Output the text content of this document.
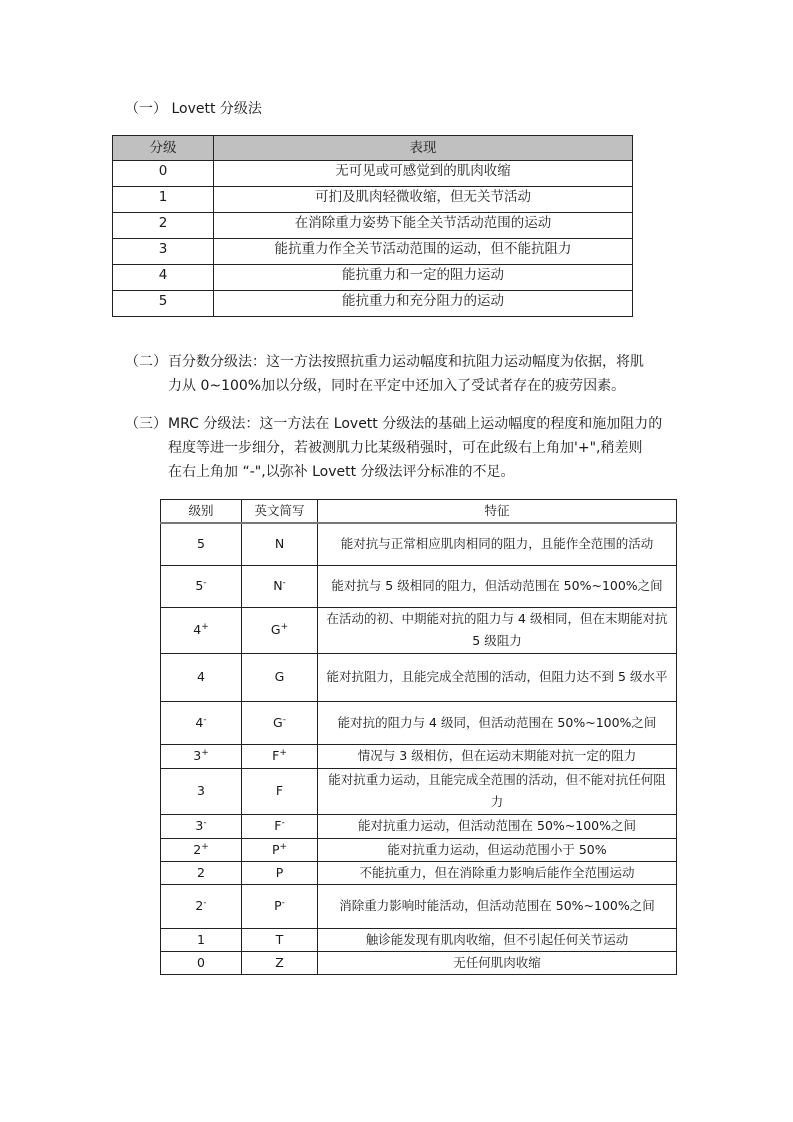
（一） Lovett 分级法
分级	表现
0	无可见或可感觉到的肌肉收缩
1	可扪及肌肉轻微收缩，但无关节活动
2	在消除重力姿势下能全关节活动范围的运动
3	能抗重力作全关节活动范围的运动，但不能抗阻力
4	能抗重力和一定的阻力运动
5	能抗重力和充分阻力的运动
（二） 百分数分级法：这一方法按照抗重力运动幅度和抗阻力运动幅度为依据，将肌
力从 0~100%加以分级，同时在平定中还加入了受试者存在的疲劳因素。
（三） MRC 分级法：这一方法在 Lovett 分级法的基础上运动幅度的程度和施加阻力的
程度等进一步细分，若被测肌力比某级稍强时，可在此级右上角加'+",稍差则
在右上角加 “-",以弥补 Lovett 分级法评分标准的不足。
级别	英文简写	特征
5	N	能对抗与正常相应肌肉相同的阻力，且能作全范围的活动
5-	N-	能对抗与 5 级相同的阻力，但活动范围在 50%~100%之间
4+	G+	在活动的初、中期能对抗的阻力与 4 级相同，但在末期能对抗 5 级阻力
4	G	能对抗阻力，且能完成全范围的活动，但阻力达不到 5 级水平
4-	G-	能对抗的阻力与 4 级同，但活动范围在 50%~100%之间
3+	F+	情况与 3 级相仿，但在运动末期能对抗一定的阻力
3	F	能对抗重力运动，且能完成全范围的活动，但不能对抗任何阻力
3-	F-	能对抗重力运动，但活动范围在 50%~100%之间
2+	P+	能对抗重力运动，但运动范围小于 50%
2	P	不能抗重力，但在消除重力影响后能作全范围运动
2-	P-	消除重力影响时能活动，但活动范围在 50%~100%之间
1	T	触诊能发现有肌肉收缩，但不引起任何关节运动
0	Z	无任何肌肉收缩
